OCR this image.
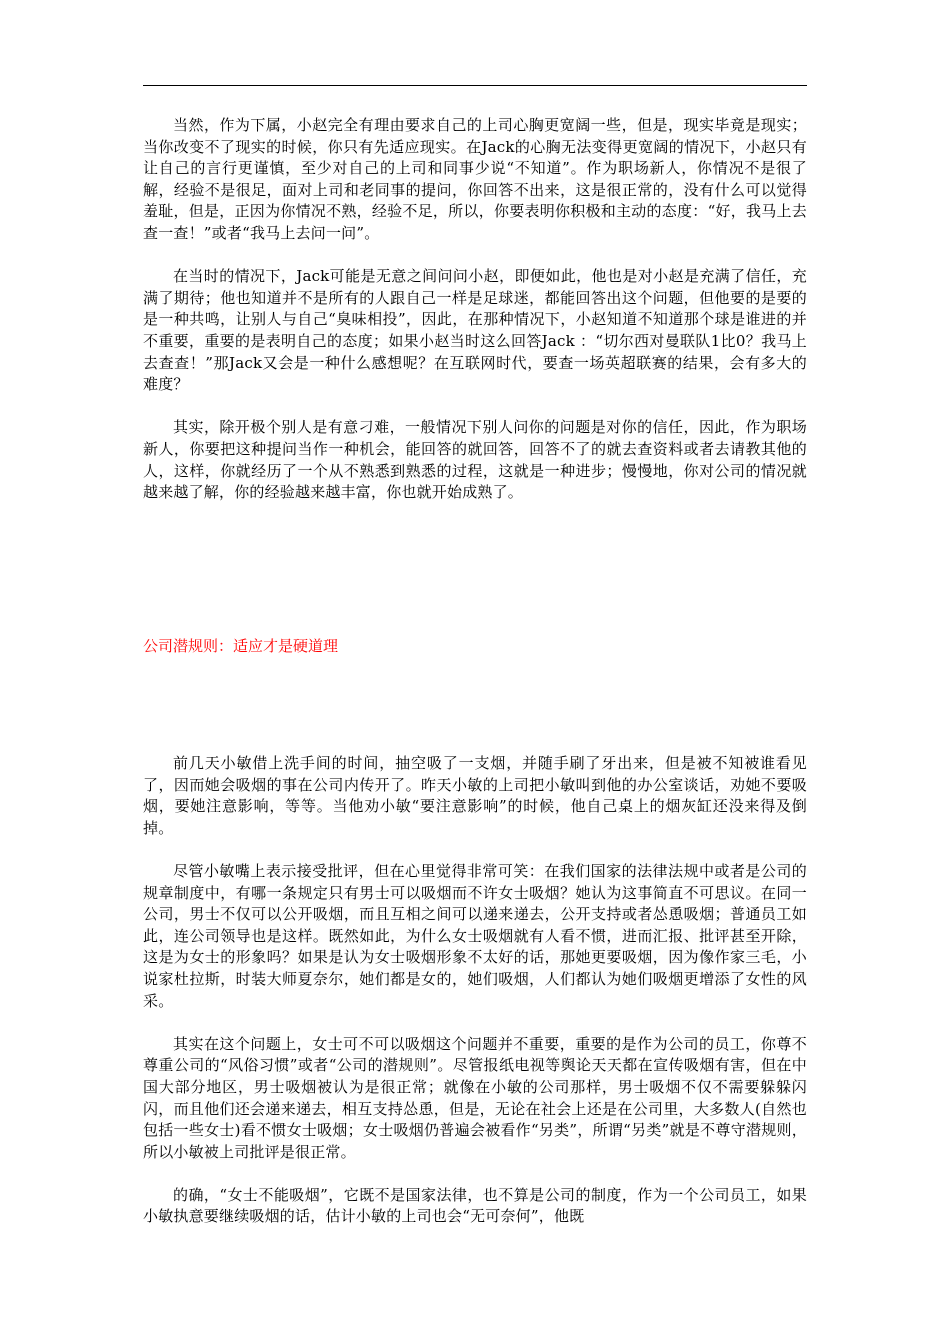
当然，作为下属，小赵完全有理由要求自己的上司心胸更宽阔一些，但是，现实毕竟是现实；当你改变不了现实的时候，你只有先适应现实。在Jack的心胸无法变得更宽阔的情况下，小赵只有让自己的言行更谨慎，至少对自己的上司和同事少说“不知道”。作为职场新人，你情况不是很了解，经验不是很足，面对上司和老同事的提问，你回答不出来，这是很正常的，没有什么可以觉得羞耻，但是，正因为你情况不熟，经验不足，所以，你要表明你积极和主动的态度：“好，我马上去查一查！”或者“我马上去问一问”。

在当时的情况下，Jack可能是无意之间问问小赵，即便如此，他也是对小赵是充满了信任，充满了期待；他也知道并不是所有的人跟自己一样是足球迷，都能回答出这个问题，但他要的是要的是一种共鸣，让别人与自己“臭味相投”，因此，在那种情况下，小赵知道不知道那个球是谁进的并不重要，重要的是表明自己的态度；如果小赵当时这么回答Jack ：“切尔西对曼联队1比0？我马上去查查！”那Jack又会是一种什么感想呢？在互联网时代，要查一场英超联赛的结果，会有多大的难度？

其实，除开极个别人是有意刁难，一般情况下别人问你的问题是对你的信任，因此，作为职场新人，你要把这种提问当作一种机会，能回答的就回答，回答不了的就去查资料或者去请教其他的人，这样，你就经历了一个从不熟悉到熟悉的过程，这就是一种进步；慢慢地，你对公司的情况就越来越了解，你的经验越来越丰富，你也就开始成熟了。

公司潜规则：适应才是硬道理

前几天小敏借上洗手间的时间，抽空吸了一支烟，并随手刷了牙出来，但是被不知被谁看见了，因而她会吸烟的事在公司内传开了。昨天小敏的上司把小敏叫到他的办公室谈话，劝她不要吸烟，要她注意影响，等等。当他劝小敏“要注意影响”的时候，他自己桌上的烟灰缸还没来得及倒掉。

尽管小敏嘴上表示接受批评，但在心里觉得非常可笑：在我们国家的法律法规中或者是公司的规章制度中，有哪一条规定只有男士可以吸烟而不许女士吸烟？她认为这事简直不可思议。在同一公司，男士不仅可以公开吸烟，而且互相之间可以递来递去，公开支持或者怂恿吸烟；普通员工如此，连公司领导也是这样。既然如此，为什么女士吸烟就有人看不惯，进而汇报、批评甚至开除，这是为女士的形象吗？如果是认为女士吸烟形象不太好的话，那她更要吸烟，因为像作家三毛，小说家杜拉斯，时装大师夏奈尔，她们都是女的，她们吸烟，人们都认为她们吸烟更增添了女性的风采。

其实在这个问题上，女士可不可以吸烟这个问题并不重要，重要的是作为公司的员工，你尊不尊重公司的“风俗习惯”或者“公司的潜规则”。尽管报纸电视等舆论天天都在宣传吸烟有害，但在中国大部分地区，男士吸烟被认为是很正常；就像在小敏的公司那样，男士吸烟不仅不需要躲躲闪闪，而且他们还会递来递去，相互支持怂恿，但是，无论在社会上还是在公司里，大多数人(自然也包括一些女士)看不惯女士吸烟；女士吸烟仍普遍会被看作“另类”，所谓“另类”就是不尊守潜规则，所以小敏被上司批评是很正常。

的确，“女士不能吸烟”，它既不是国家法律，也不算是公司的制度，作为一个公司员工，如果小敏执意要继续吸烟的话，估计小敏的上司也会“无可奈何”，他既
